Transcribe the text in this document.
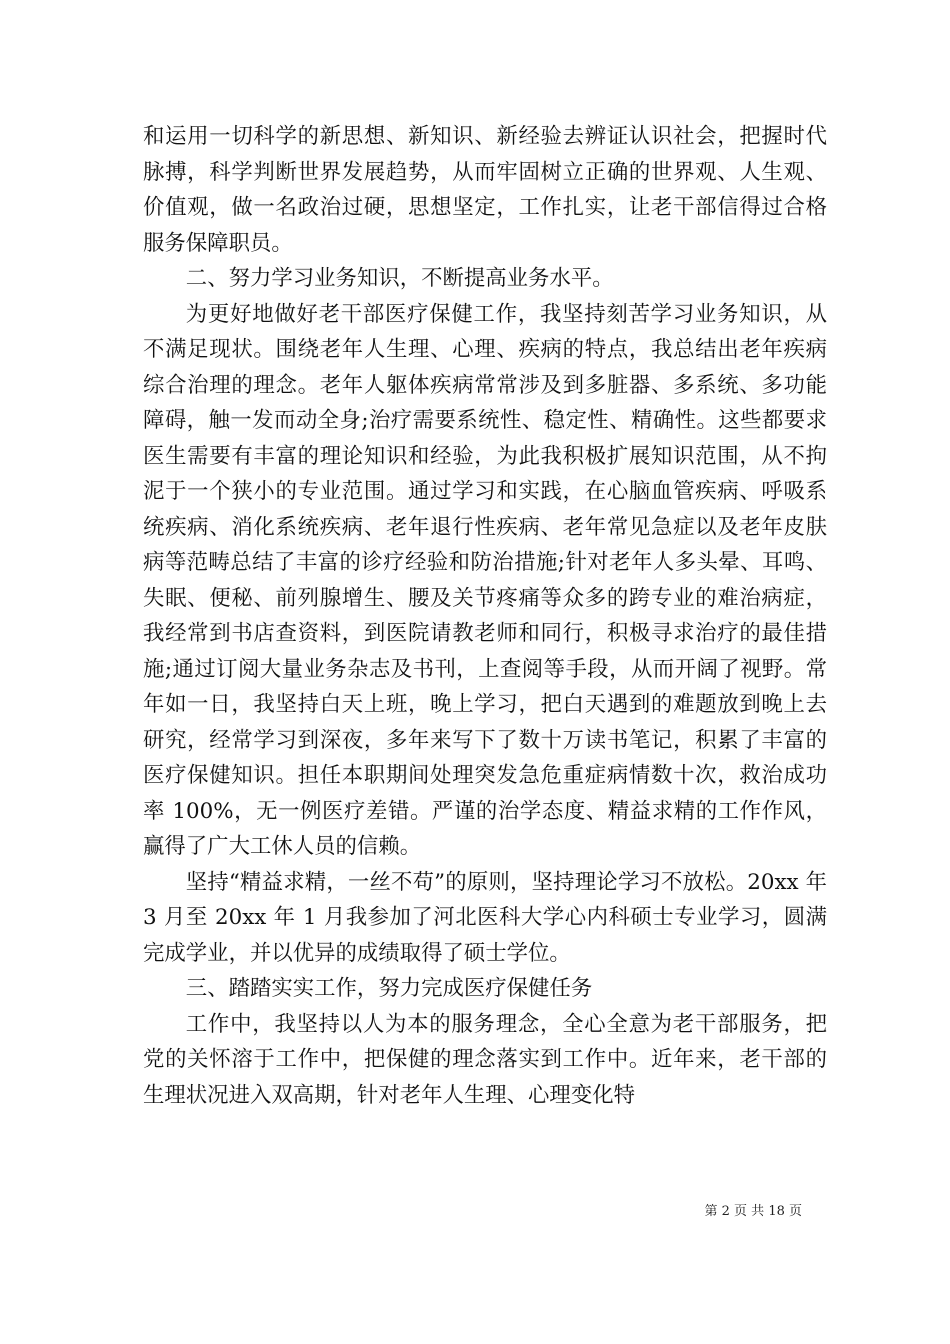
和运用一切科学的新思想、新知识、新经验去辨证认识社会，把握时代脉搏，科学判断世界发展趋势，从而牢固树立正确的世界观、人生观、价值观，做一名政治过硬，思想坚定，工作扎实，让老干部信得过合格服务保障职员。

二、努力学习业务知识，不断提高业务水平。

为更好地做好老干部医疗保健工作，我坚持刻苦学习业务知识，从不满足现状。围绕老年人生理、心理、疾病的特点，我总结出老年疾病综合治理的理念。老年人躯体疾病常常涉及到多脏器、多系统、多功能障碍，触一发而动全身;治疗需要系统性、稳定性、精确性。这些都要求医生需要有丰富的理论知识和经验，为此我积极扩展知识范围，从不拘泥于一个狭小的专业范围。通过学习和实践，在心脑血管疾病、呼吸系统疾病、消化系统疾病、老年退行性疾病、老年常见急症以及老年皮肤病等范畴总结了丰富的诊疗经验和防治措施;针对老年人多头晕、耳鸣、失眠、便秘、前列腺增生、腰及关节疼痛等众多的跨专业的难治病症，我经常到书店查资料，到医院请教老师和同行，积极寻求治疗的最佳措施;通过订阅大量业务杂志及书刊，上查阅等手段，从而开阔了视野。常年如一日，我坚持白天上班，晚上学习，把白天遇到的难题放到晚上去研究，经常学习到深夜，多年来写下了数十万读书笔记，积累了丰富的医疗保健知识。担任本职期间处理突发急危重症病情数十次，救治成功率 100%，无一例医疗差错。严谨的治学态度、精益求精的工作作风，赢得了广大工休人员的信赖。

坚持“精益求精，一丝不苟”的原则，坚持理论学习不放松。20xx 年 3 月至 20xx 年 1 月我参加了河北医科大学心内科硕士专业学习，圆满完成学业，并以优异的成绩取得了硕士学位。

三、踏踏实实工作，努力完成医疗保健任务

工作中，我坚持以人为本的服务理念，全心全意为老干部服务，把党的关怀溶于工作中，把保健的理念落实到工作中。近年来，老干部的生理状况进入双高期，针对老年人生理、心理变化特

第 2 页 共 18 页
